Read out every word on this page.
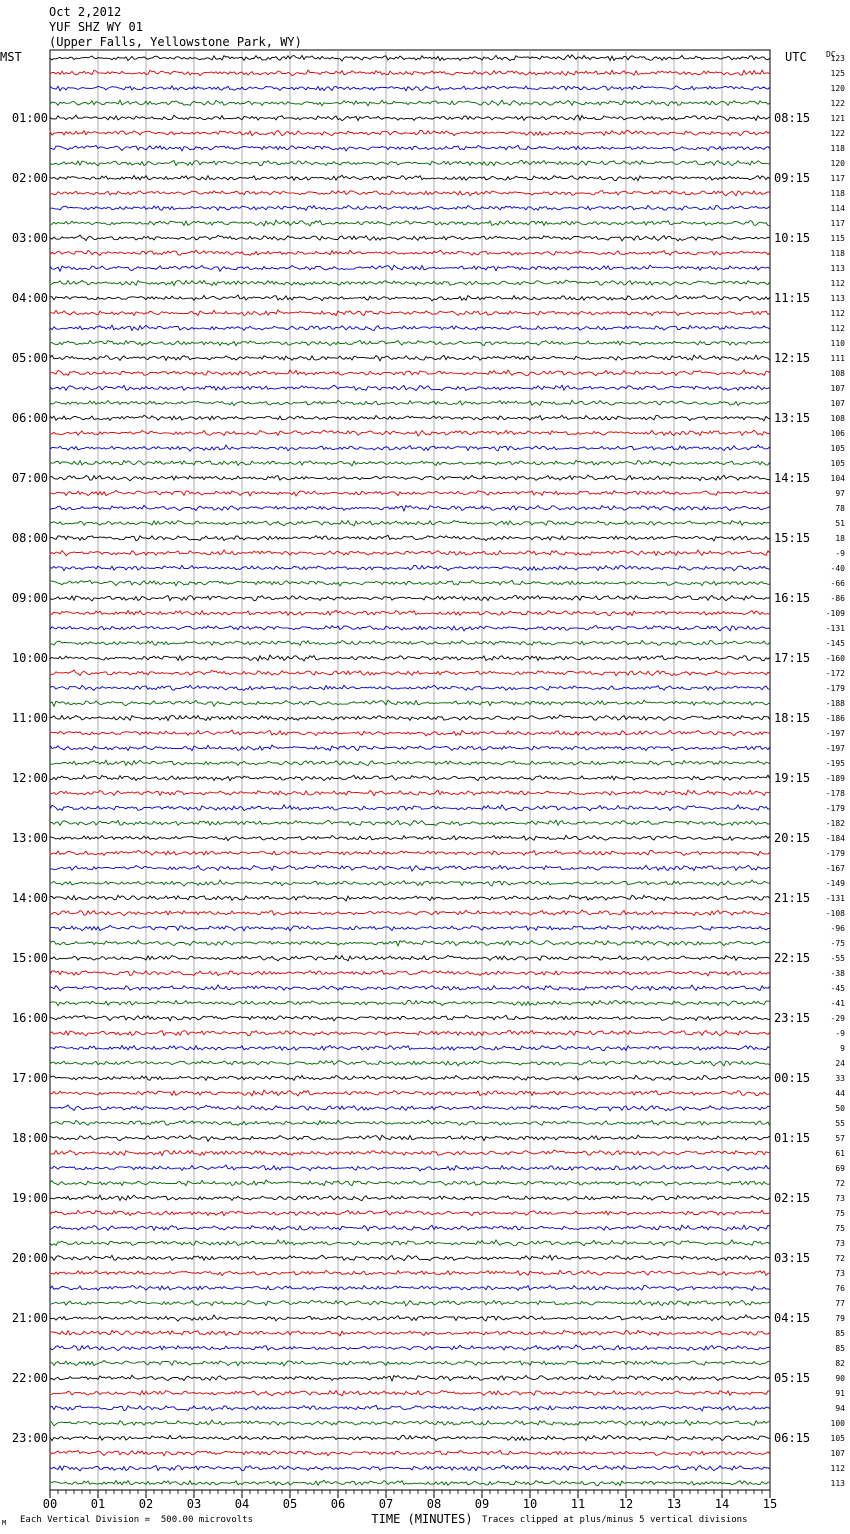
Oct 2,2012
YUF SHZ WY 01
(Upper Falls, Yellowstone Park, WY)
123
125
120
122
121
122
118
120
117
118
114
117
115
118
113
112
113
112
112
110
111
108
107
107
108
106
105
105
104
97
78
51
18
-9
-40
-66
-86
-109
-131
-145
-160
-172
-179
-188
-186
-197
-197
-195
-189
-178
-179
-182
-184
-179
-167
-149
-131
-108
-96
-75
-55
-38
-45
-41
-29
-9
9
24
33
44
50
55
57
61
69
72
73
75
75
73
72
73
76
77
79
85
85
82
90
91
94
100
105
107
112
113
MST	UTC DC
01:00	08:15
02:00	09:15
03:00	10:15
04:00	11:15
05:00	12:15
06:00	13:15
07:00	14:15
08:00	15:15
09:00	16:15
10:00	17:15
11:00	18:15
12:00	19:15
13:00	20:15
14:00	21:15
15:00	22:15
16:00	23:15
17:00	00:15
18:00	01:15
19:00	02:15
20:00	03:15
21:00	04:15
22:00	05:15
23:00	06:15
00	01	02	03	04	05	06	07	08	09	10	11	12	13	14	15
TIME (MINUTES)
M Each Vertical Division =  500.00 microvolts	Traces clipped at plus/minus 5 vertical divisions
